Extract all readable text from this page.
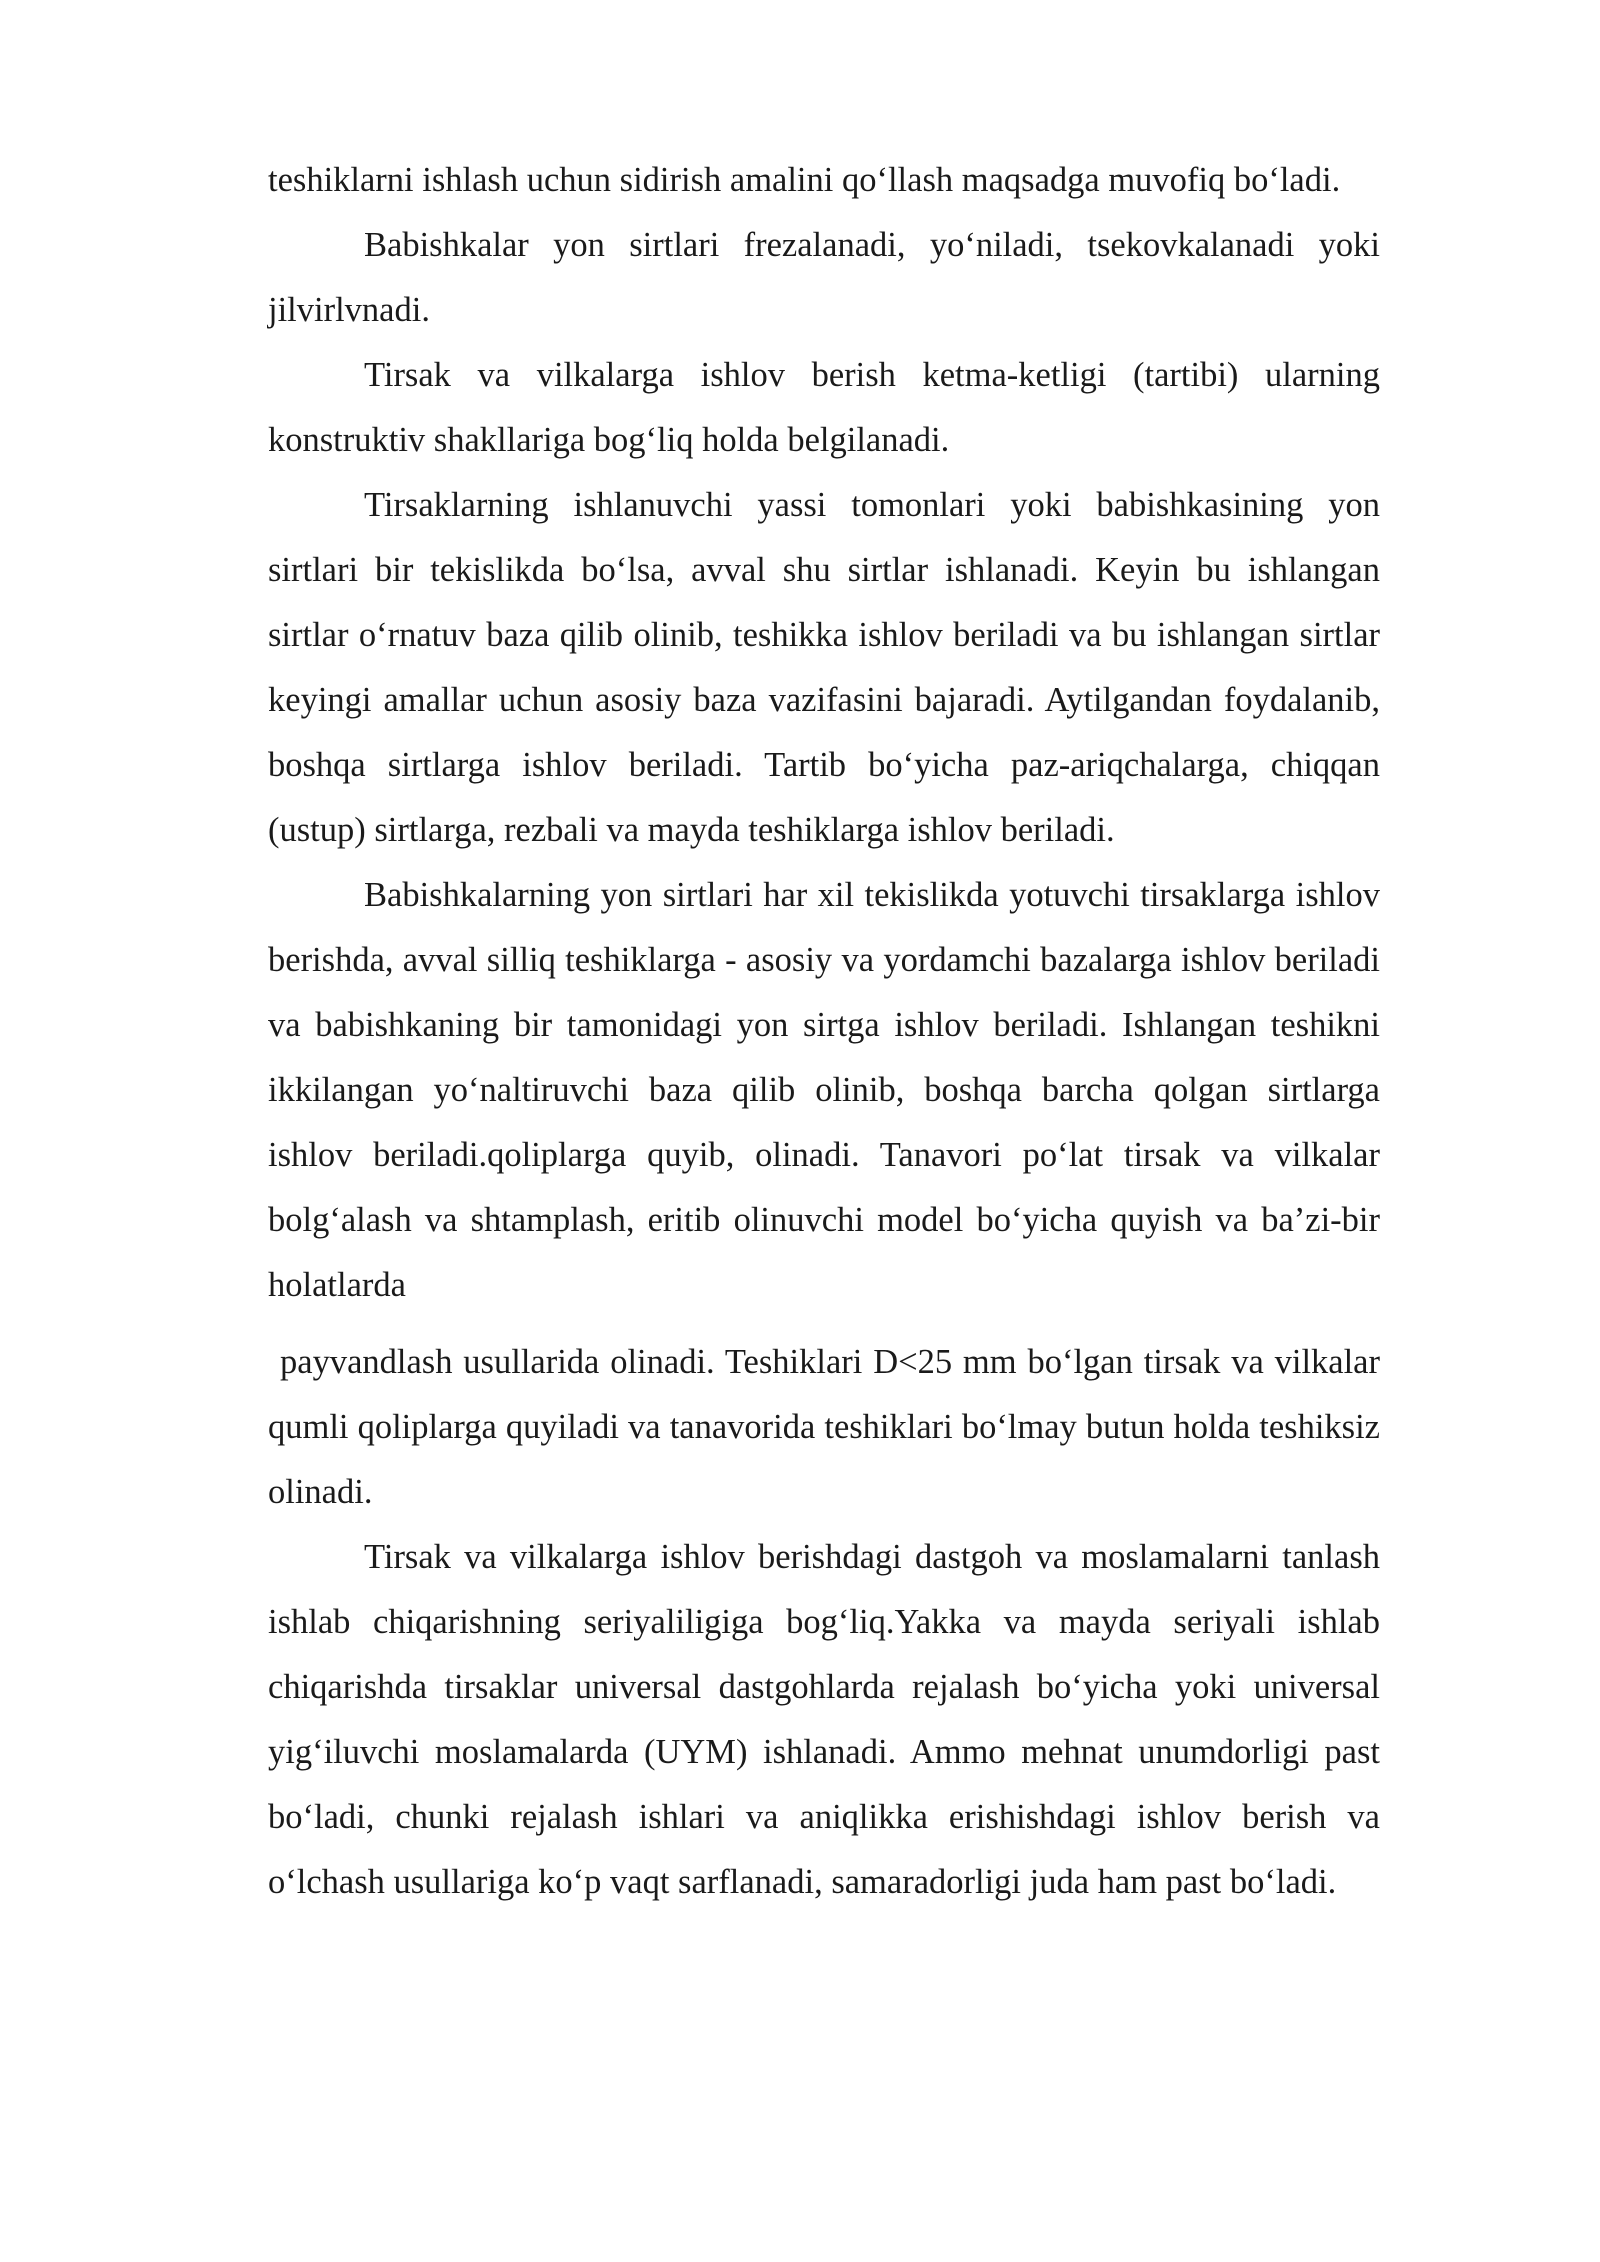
teshiklarni ishlash uchun sidirish amalini qo‘llash maqsadga muvofiq bo‘ladi.

Babishkalar yon sirtlari frezalanadi, yo‘niladi, tsekovkalanadi yoki jilvirlvnadi.

Tirsak va vilkalarga ishlov berish ketma-ketligi (tartibi) ularning konstruktiv shakllariga bog‘liq holda belgilanadi.

Tirsaklarning ishlanuvchi yassi tomonlari yoki babishkasining yon sirtlari bir tekislikda bo‘lsa, avval shu sirtlar ishlanadi. Keyin bu ishlangan sirtlar o‘rnatuv baza qilib olinib, teshikka ishlov beriladi va bu ishlangan sirtlar keyingi amallar uchun asosiy baza vazifasini bajaradi. Aytilgandan foydalanib, boshqa sirtlarga ishlov beriladi. Tartib bo‘yicha paz-ariqchalarga, chiqqan (ustup) sirtlarga, rezbali va mayda teshiklarga ishlov beriladi.

Babishkalarning yon sirtlari har xil tekislikda yotuvchi tirsaklarga ishlov berishda, avval silliq teshiklarga - asosiy va yordamchi bazalarga ishlov beriladi va babishkaning bir tamonidagi yon sirtga ishlov beriladi. Ishlangan teshikni ikkilangan yo‘naltiruvchi baza qilib olinib, boshqa barcha qolgan sirtlarga ishlov beriladi.qoliplarga quyib, olinadi. Tanavori po‘lat tirsak va vilkalar bolg‘alash va shtamplash, eritib olinuvchi model bo‘yicha quyish va ba’zi-bir holatlarda

payvandlash usullarida olinadi. Teshiklari D<25 mm bo‘lgan tirsak va vilkalar qumli qoliplarga quyiladi va tanavorida teshiklari bo‘lmay butun holda teshiksiz olinadi.

Tirsak va vilkalarga ishlov berishdagi dastgoh va moslamalarni tanlash ishlab chiqarishning seriyaliligiga bog‘liq.Yakka va mayda seriyali ishlab chiqarishda tirsaklar universal dastgohlarda rejalash bo‘yicha yoki universal yig‘iluvchi moslamalarda (UYM) ishlanadi. Ammo mehnat unumdorligi past bo‘ladi, chunki rejalash ishlari va aniqlikka erishishdagi ishlov berish va o‘lchash usullariga ko‘p vaqt sarflanadi, samaradorligi juda ham past bo‘ladi.
